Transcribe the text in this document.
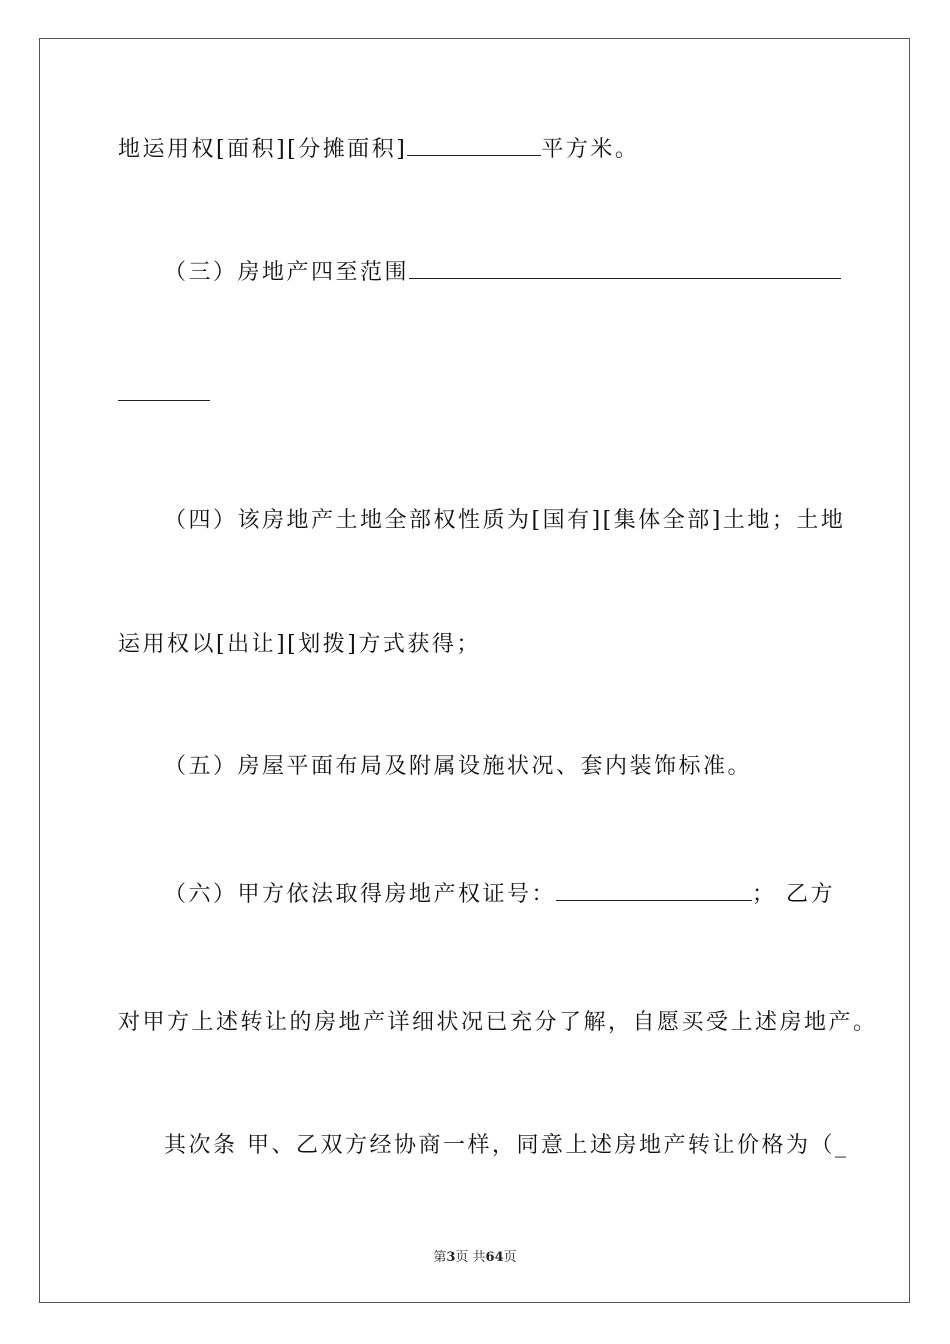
地运用权[面积][分摊面积]	平方米。
（三）房地产四至范围
（四）该房地产土地全部权性质为[国有][集体全部]土地；土地
运用权以[出让][划拨]方式获得；
（五）房屋平面布局及附属设施状况、套内装饰标准。
（六）甲方依法取得房地产权证号：	； 乙方
对甲方上述转让的房地产详细状况已充分了解，自愿买受上述房地产。
其次条 甲、乙双方经协商一样，同意上述房地产转让价格为（_
第3页 共64页
